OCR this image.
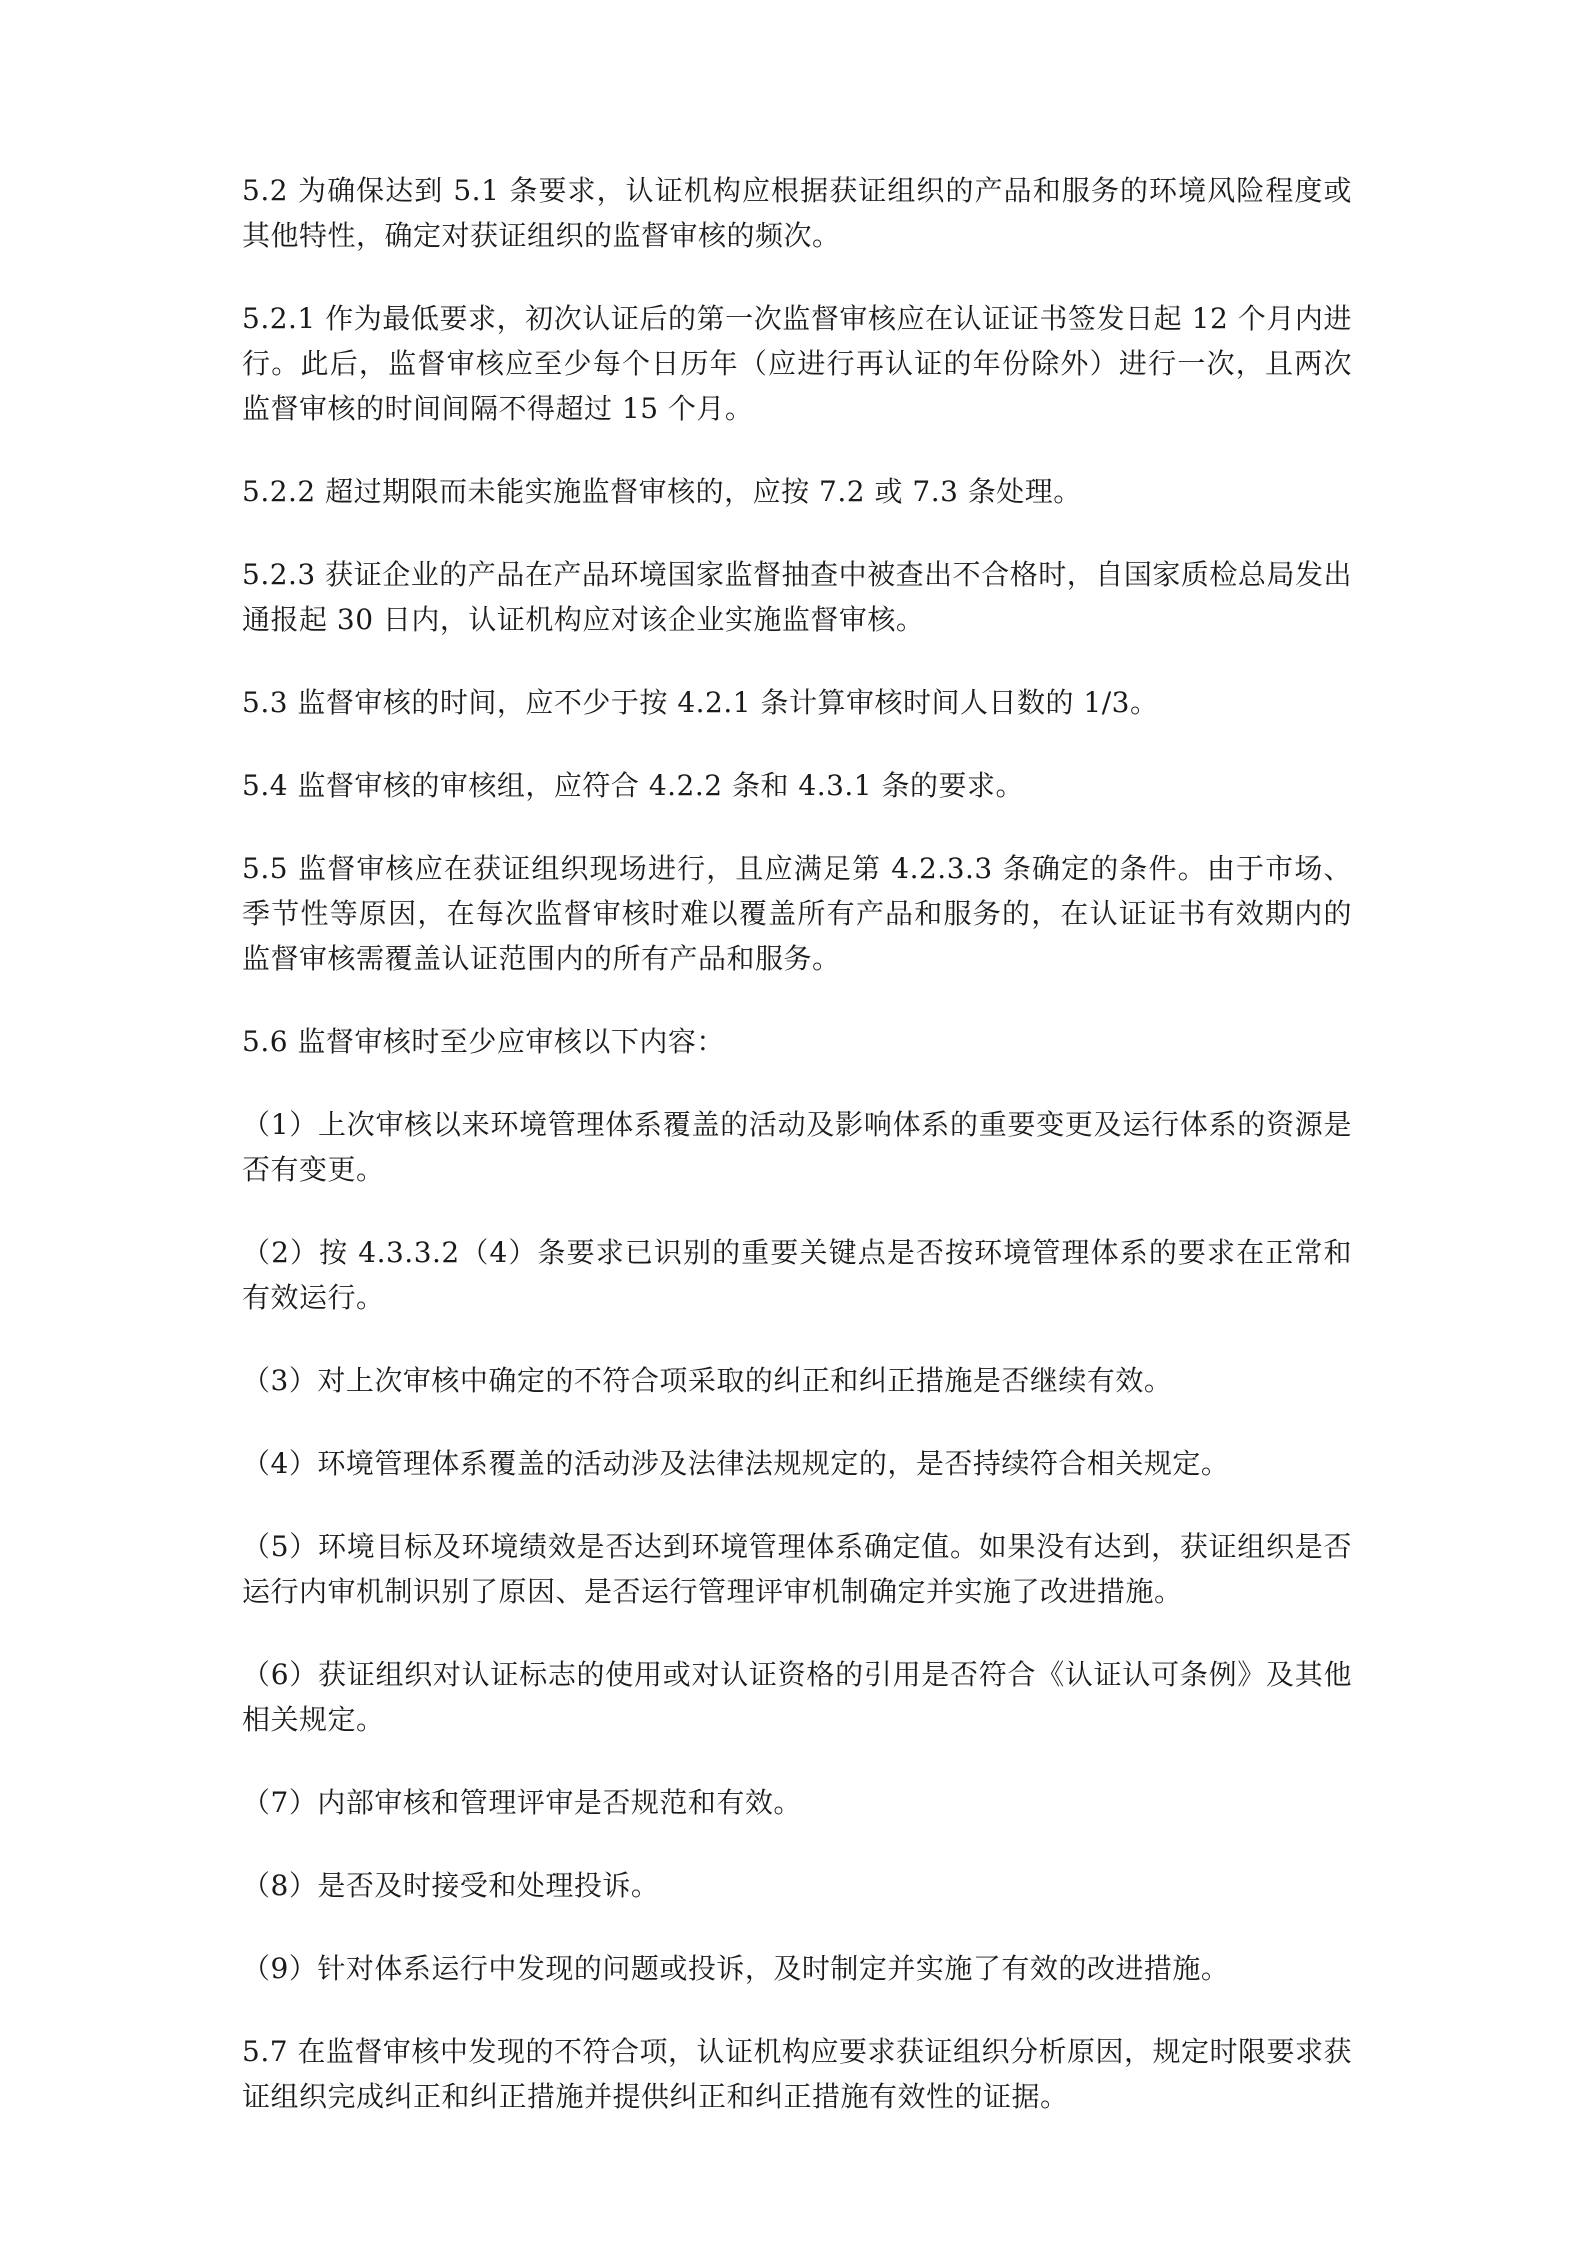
5.2 为确保达到 5.1 条要求，认证机构应根据获证组织的产品和服务的环境风险程度或其他特性，确定对获证组织的监督审核的频次。

5.2.1 作为最低要求，初次认证后的第一次监督审核应在认证证书签发日起 12 个月内进行。此后，监督审核应至少每个日历年（应进行再认证的年份除外）进行一次，且两次监督审核的时间间隔不得超过 15 个月。

5.2.2 超过期限而未能实施监督审核的，应按 7.2 或 7.3 条处理。

5.2.3 获证企业的产品在产品环境国家监督抽查中被查出不合格时，自国家质检总局发出通报起 30 日内，认证机构应对该企业实施监督审核。

5.3 监督审核的时间，应不少于按 4.2.1 条计算审核时间人日数的 1/3。

5.4 监督审核的审核组，应符合 4.2.2 条和 4.3.1 条的要求。

5.5 监督审核应在获证组织现场进行，且应满足第 4.2.3.3 条确定的条件。由于市场、季节性等原因，在每次监督审核时难以覆盖所有产品和服务的，在认证证书有效期内的监督审核需覆盖认证范围内的所有产品和服务。

5.6 监督审核时至少应审核以下内容：

（1）上次审核以来环境管理体系覆盖的活动及影响体系的重要变更及运行体系的资源是否有变更。

（2）按 4.3.3.2（4）条要求已识别的重要关键点是否按环境管理体系的要求在正常和有效运行。

（3）对上次审核中确定的不符合项采取的纠正和纠正措施是否继续有效。

（4）环境管理体系覆盖的活动涉及法律法规规定的，是否持续符合相关规定。

（5）环境目标及环境绩效是否达到环境管理体系确定值。如果没有达到，获证组织是否运行内审机制识别了原因、是否运行管理评审机制确定并实施了改进措施。

（6）获证组织对认证标志的使用或对认证资格的引用是否符合《认证认可条例》及其他相关规定。

（7）内部审核和管理评审是否规范和有效。

（8）是否及时接受和处理投诉。

（9）针对体系运行中发现的问题或投诉，及时制定并实施了有效的改进措施。

5.7 在监督审核中发现的不符合项，认证机构应要求获证组织分析原因，规定时限要求获证组织完成纠正和纠正措施并提供纠正和纠正措施有效性的证据。
